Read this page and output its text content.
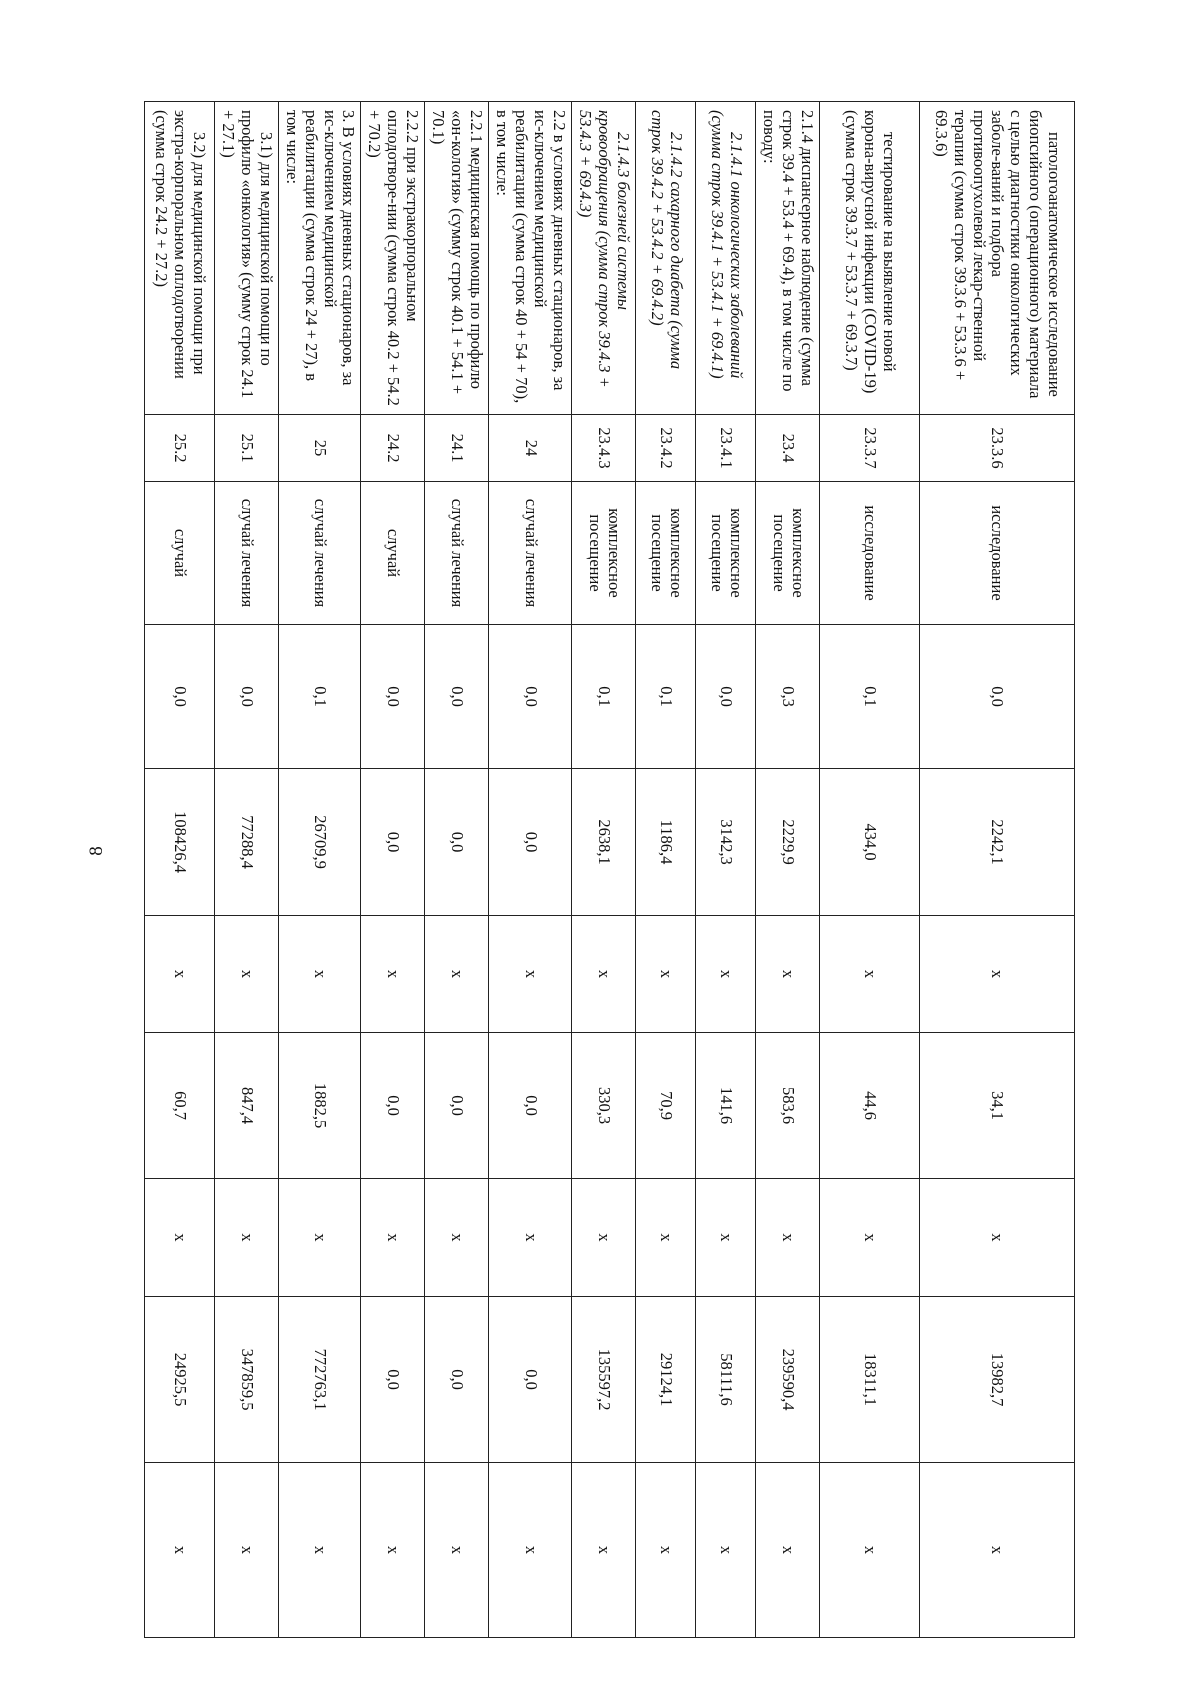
8
патологоанатомическое исследование биопсийного (операционного) материала с целью диагностики онкологических заболе-ваний и подбора противоопухолевой лекар-ственной терапии (сумма строк 39.3.6 + 53.3.6 + 69.3.6)	23.3.6	исследование	0,0	2242,1	х	34,1	х	13982,7	х
тестирование на выявление новой корона-вирусной инфекции (COVID-19) (сумма строк 39.3.7 + 53.3.7 + 69.3.7)	23.3.7	исследование	0,1	434,0	х	44,6	х	18311,1	х
2.1.4 диспансерное наблюдение (сумма строк 39.4 + 53.4 + 69.4), в том числе по поводу:	23.4	комплексное посещение	0,3	2229,9	х	583,6	х	239590,4	х
2.1.4.1 онкологических заболеваний (сумма строк 39.4.1 + 53.4.1 + 69.4.1)	23.4.1	комплексное посещение	0,0	3142,3	х	141,6	х	58111,6	х
2.1.4.2 сахарного диабета (сумма строк 39.4.2 + 53.4.2 + 69.4.2)	23.4.2	комплексное посещение	0,1	1186,4	х	70,9	х	29124,1	х
2.1.4.3 болезней системы кровообращения (сумма строк 39.4.3 + 53.4.3 + 69.4.3)	23.4.3	комплексное посещение	0,1	2638,1	х	330,3	х	135597,2	х
2.2 в условиях дневных стационаров, за ис-ключением медицинской реабилитации (сумма строк 40 + 54 + 70), в том числе:	24	случай лечения	0,0	0,0	х	0,0	х	0,0	х
2.2.1 медицинская помощь по профилю «он-кология» (сумму строк 40.1 + 54.1 + 70.1)	24.1	случай лечения	0,0	0,0	х	0,0	х	0,0	х
2.2.2 при экстракорпоральном оплодотворе-нии (сумма строк 40.2 + 54.2 + 70.2)	24.2	случай	0,0	0,0	х	0,0	х	0,0	х
3. В условиях дневных стационаров, за ис-ключением медицинской реабилитации (сумма строк 24 + 27), в том числе:	25	случай лечения	0,1	26709,9	х	1882,5	х	772763,1	х
3.1) для медицинской помощи по профилю «онкология» (сумму строк 24.1 + 27.1)	25.1	случай лечения	0,0	77288,4	х	847,4	х	347859,5	х
3.2) для медицинской помощи при экстра-корпоральном оплодотворении (сумма строк 24.2 + 27.2)	25.2	случай	0,0	108426,4	х	60,7	х	24925,5	х
